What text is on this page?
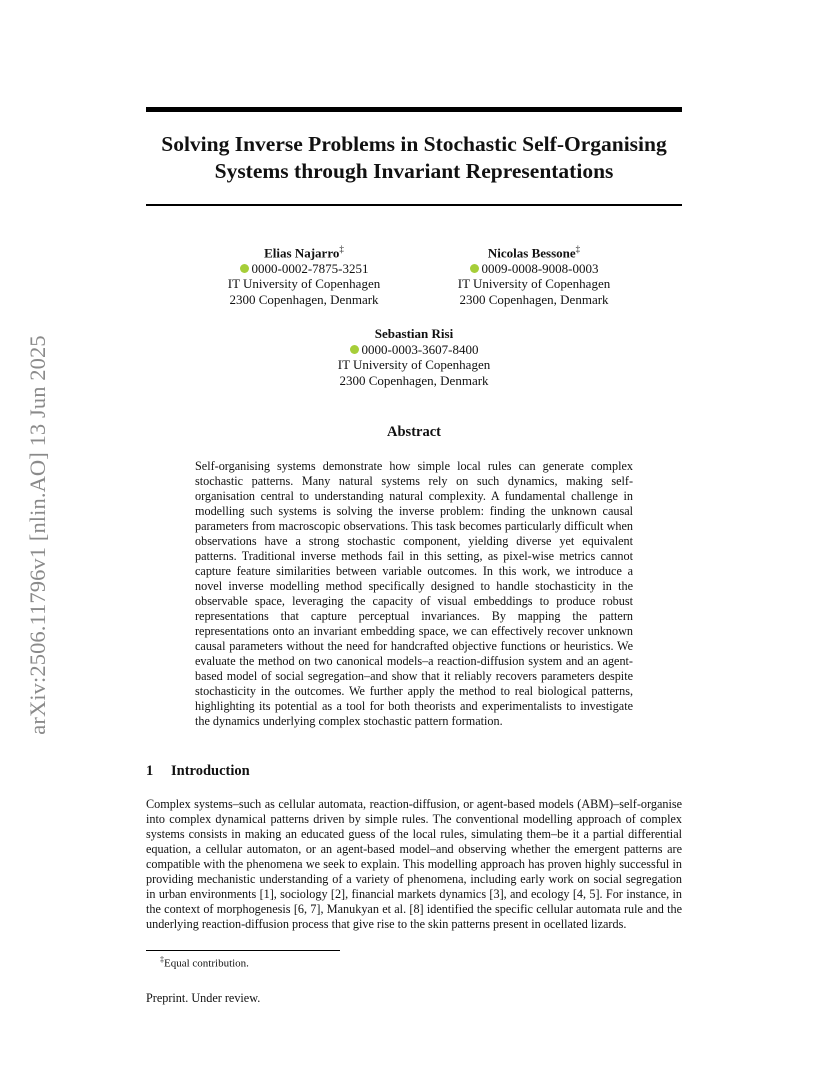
arXiv:2506.11796v1 [nlin.AO] 13 Jun 2025
Solving Inverse Problems in Stochastic Self-Organising Systems through Invariant Representations
Elias Najarro‡
0000-0002-7875-3251
IT University of Copenhagen
2300 Copenhagen, Denmark
Nicolas Bessone‡
0009-0008-9008-0003
IT University of Copenhagen
2300 Copenhagen, Denmark
Sebastian Risi
0000-0003-3607-8400
IT University of Copenhagen
2300 Copenhagen, Denmark
Abstract

Self-organising systems demonstrate how simple local rules can generate complex stochastic patterns. Many natural systems rely on such dynamics, making self-organisation central to understanding natural complexity. A fundamental challenge in modelling such systems is solving the inverse problem: finding the unknown causal parameters from macroscopic observations. This task becomes particularly difficult when observations have a strong stochastic component, yielding diverse yet equivalent patterns. Traditional inverse methods fail in this setting, as pixel-wise metrics cannot capture feature similarities between variable outcomes. In this work, we introduce a novel inverse modelling method specifically designed to handle stochasticity in the observable space, leveraging the capacity of visual embeddings to produce robust representations that capture perceptual invariances. By mapping the pattern representations onto an invariant embedding space, we can effectively recover unknown causal parameters without the need for handcrafted objective functions or heuristics. We evaluate the method on two canonical models–a reaction-diffusion system and an agent-based model of social segregation–and show that it reliably recovers parameters despite stochasticity in the outcomes. We further apply the method to real biological patterns, highlighting its potential as a tool for both theorists and experimentalists to investigate the dynamics underlying complex stochastic pattern formation.

1 Introduction

Complex systems–such as cellular automata, reaction-diffusion, or agent-based models (ABM)–self-organise into complex dynamical patterns driven by simple rules. The conventional modelling approach of complex systems consists in making an educated guess of the local rules, simulating them–be it a partial differential equation, a cellular automaton, or an agent-based model–and observing whether the emergent patterns are compatible with the phenomena we seek to explain. This modelling approach has proven highly successful in providing mechanistic understanding of a variety of phenomena, including early work on social segregation in urban environments [1], sociology [2], financial markets dynamics [3], and ecology [4, 5]. For instance, in the context of morphogenesis [6, 7], Manukyan et al. [8] identified the specific cellular automata rule and the underlying reaction-diffusion process that give rise to the skin patterns present in ocellated lizards.

‡Equal contribution.
Preprint. Under review.
